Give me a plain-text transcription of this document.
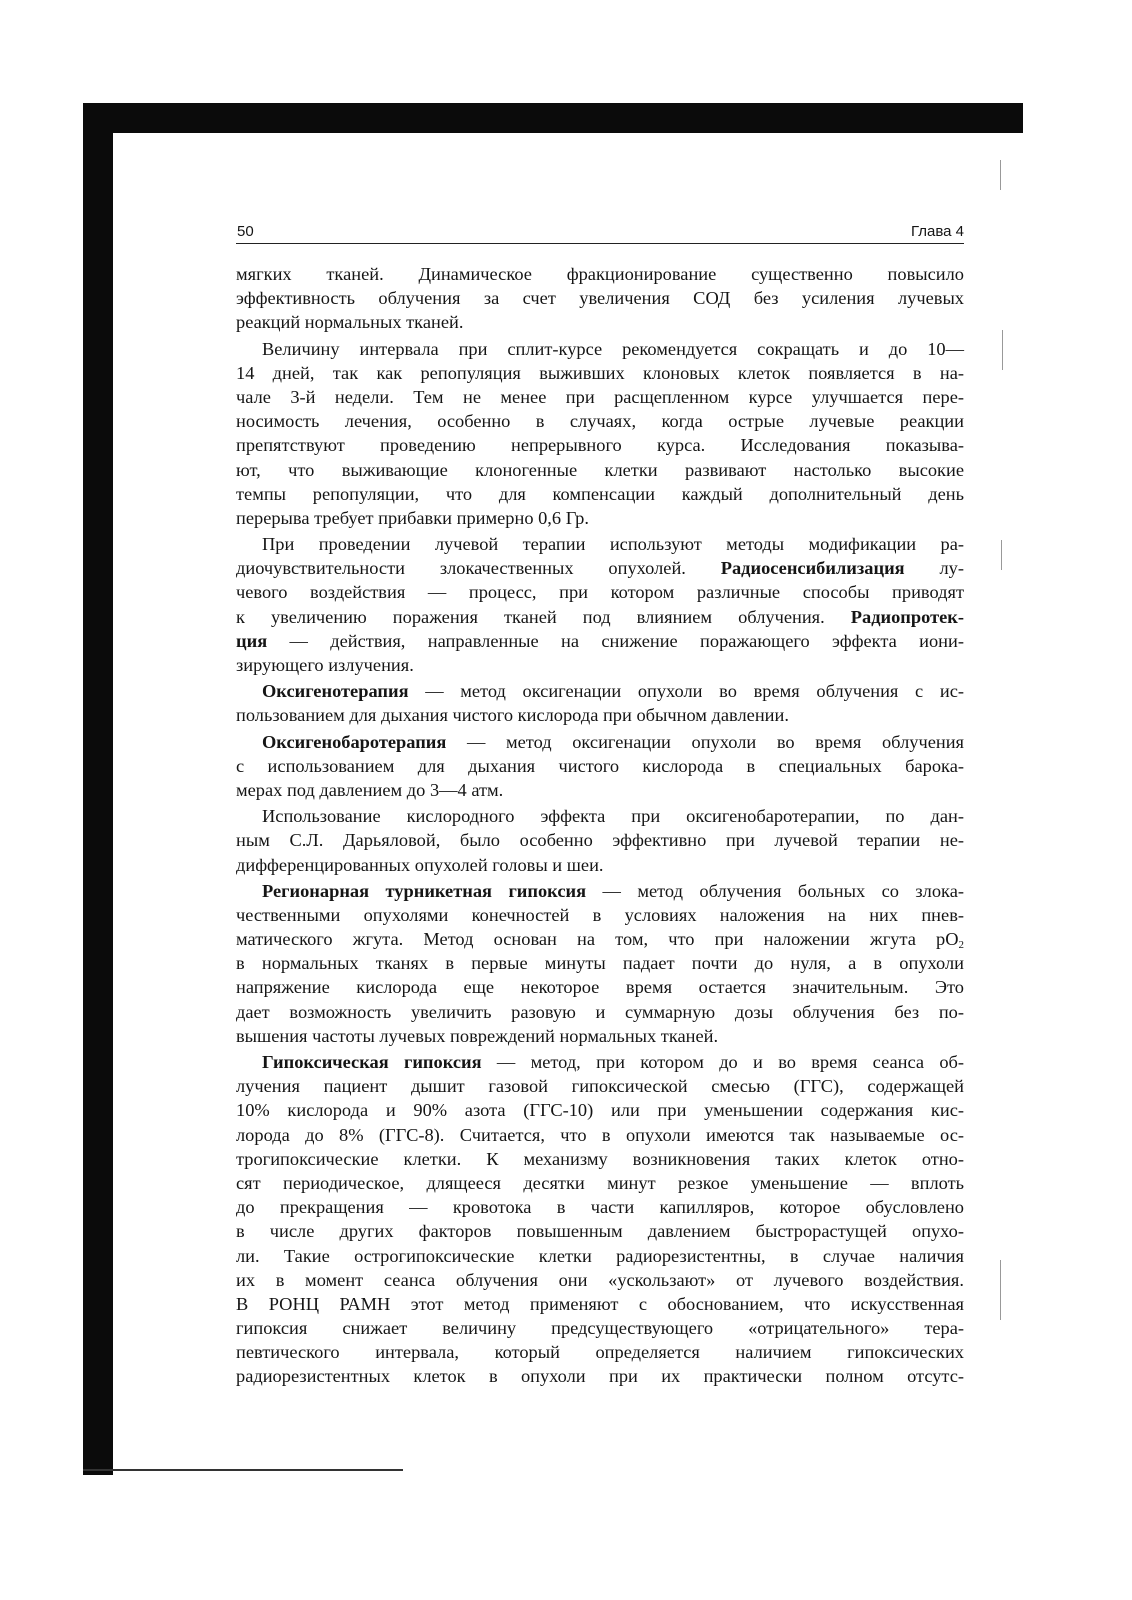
50	Глава 4
мягких тканей. Динамическое фракционирование существенно повысило
эффективность облучения за счет увеличения СОД без усиления лучевых
реакций нормальных тканей.
Величину интервала при сплит-курсе рекомендуется сокращать и до 10—
14 дней, так как репопуляция выживших клоновых клеток появляется в на-
чале 3-й недели. Тем не менее при расщепленном курсе улучшается пере-
носимость лечения, особенно в случаях, когда острые лучевые реакции
препятствуют проведению непрерывного курса. Исследования показыва-
ют, что выживающие клоногенные клетки развивают настолько высокие
темпы репопуляции, что для компенсации каждый дополнительный день
перерыва требует прибавки примерно 0,6 Гр.
При проведении лучевой терапии используют методы модификации ра-
диочувствительности злокачественных опухолей. Радиосенсибилизация лу-
чевого воздействия — процесс, при котором различные способы приводят
к увеличению поражения тканей под влиянием облучения. Радиопротек-
ция — действия, направленные на снижение поражающего эффекта иони-
зирующего излучения.
Оксигенотерапия — метод оксигенации опухоли во время облучения с ис-
пользованием для дыхания чистого кислорода при обычном давлении.
Оксигенобаротерапия — метод оксигенации опухоли во время облучения
с использованием для дыхания чистого кислорода в специальных барока-
мерах под давлением до 3—4 атм.
Использование кислородного эффекта при оксигенобаротерапии, по дан-
ным С.Л. Дарьяловой, было особенно эффективно при лучевой терапии не-
дифференцированных опухолей головы и шеи.
Регионарная турникетная гипоксия — метод облучения больных со злока-
чественными опухолями конечностей в условиях наложения на них пнев-
матического жгута. Метод основан на том, что при наложении жгута $pO_2$
в нормальных тканях в первые минуты падает почти до нуля, а в опухоли
напряжение кислорода еще некоторое время остается значительным. Это
дает возможность увеличить разовую и суммарную дозы облучения без по-
вышения частоты лучевых повреждений нормальных тканей.
Гипоксическая гипоксия — метод, при котором до и во время сеанса об-
лучения пациент дышит газовой гипоксической смесью (ГГС), содержащей
10% кислорода и 90% азота (ГГС-10) или при уменьшении содержания кис-
лорода до 8% (ГГС-8). Считается, что в опухоли имеются так называемые ос-
трогипоксические клетки. К механизму возникновения таких клеток отно-
сят периодическое, длящееся десятки минут резкое уменьшение — вплоть
до прекращения — кровотока в части капилляров, которое обусловлено
в числе других факторов повышенным давлением быстрорастущей опухо-
ли. Такие острогипоксические клетки радиорезистентны, в случае наличия
их в момент сеанса облучения они «ускользают» от лучевого воздействия.
В РОНЦ РАМН этот метод применяют с обоснованием, что искусственная
гипоксия снижает величину предсуществующего «отрицательного» тера-
певтического интервала, который определяется наличием гипоксических
радиорезистентных клеток в опухоли при их практически полном отсутс-
